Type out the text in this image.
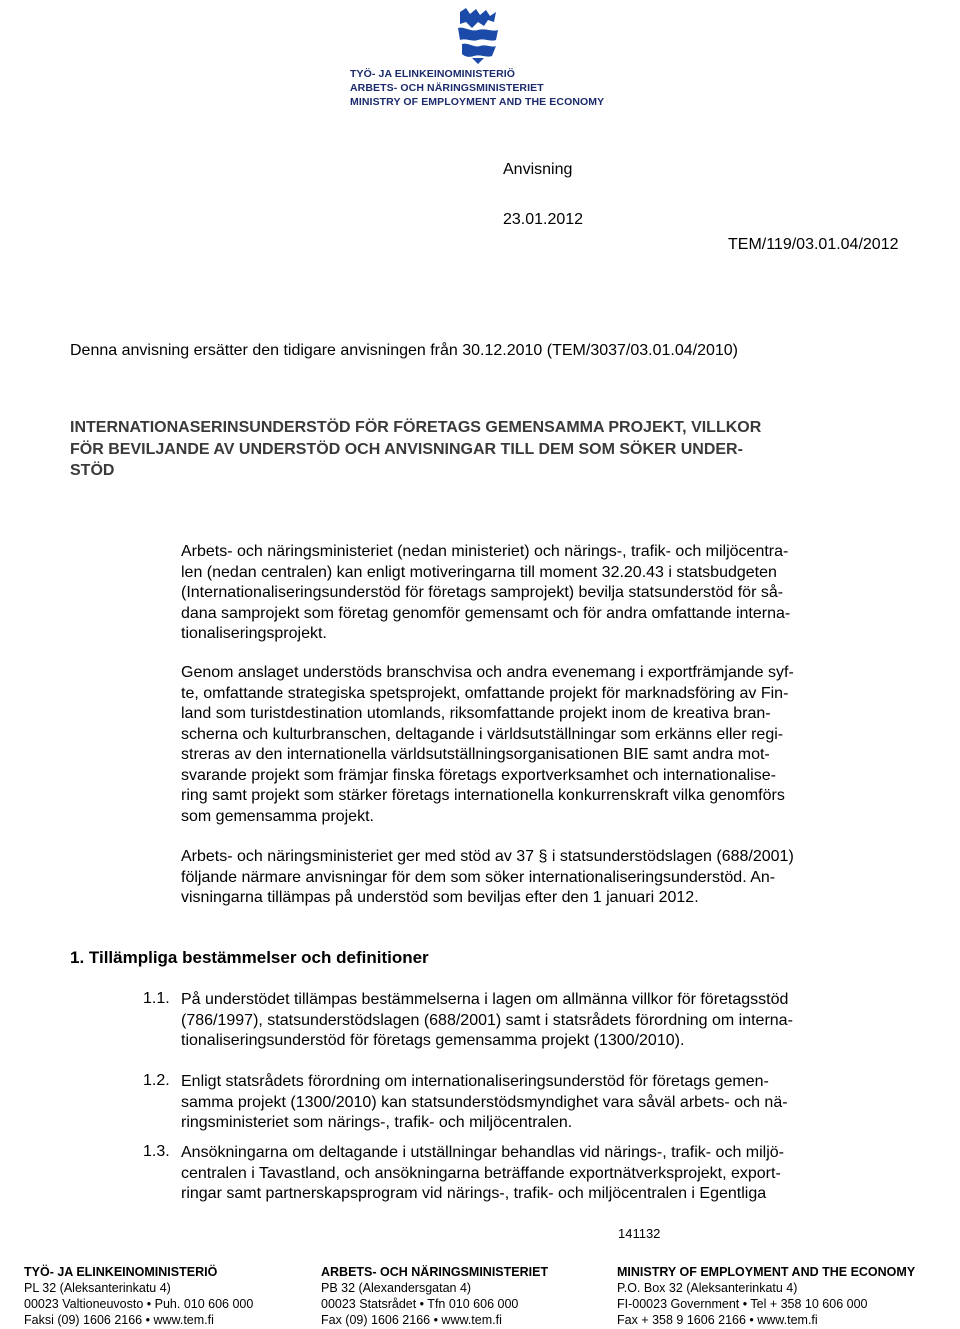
TYÖ- JA ELINKEINOMINISTERIÖ
ARBETS- OCH NÄRINGSMINISTERIET
MINISTRY OF EMPLOYMENT AND THE ECONOMY
Anvisning
23.01.2012
TEM/119/03.01.04/2012
Denna anvisning ersätter den tidigare anvisningen från 30.12.2010 (TEM/3037/03.01.04/2010)
INTERNATIONASERINSUNDERSTÖD FÖR FÖRETAGS GEMENSAMMA PROJEKT, VILLKOR
FÖR BEVILJANDE AV UNDERSTÖD OCH ANVISNINGAR TILL DEM SOM SÖKER UNDER-
STÖD
Arbets- och näringsministeriet (nedan ministeriet) och närings-, trafik- och miljöcentra-
len (nedan centralen) kan enligt motiveringarna till moment 32.20.43 i statsbudgeten
(Internationaliseringsunderstöd för företags samprojekt) bevilja statsunderstöd för så-
dana samprojekt som företag genomför gemensamt och för andra omfattande interna-
tionaliseringsprojekt.
Genom anslaget understöds branschvisa och andra evenemang i exportfrämjande syf-
te, omfattande strategiska spetsprojekt, omfattande projekt för marknadsföring av Fin-
land som turistdestination utomlands, riksomfattande projekt inom de kreativa bran-
scherna och kulturbranschen, deltagande i världsutställningar som erkänns eller regi-
streras av den internationella världsutställningsorganisationen BIE samt andra mot-
svarande projekt som främjar finska företags exportverksamhet och internationalise-
ring samt projekt som stärker företags internationella konkurrenskraft vilka genomförs
som gemensamma projekt.
Arbets- och näringsministeriet ger med stöd av 37 § i statsunderstödslagen (688/2001)
följande närmare anvisningar för dem som söker internationaliseringsunderstöd. An-
visningarna tillämpas på understöd som beviljas efter den 1 januari 2012.
1. Tillämpliga bestämmelser och definitioner
1.1. På understödet tillämpas bestämmelserna i lagen om allmänna villkor för företagsstöd
(786/1997), statsunderstödslagen (688/2001) samt i statsrådets förordning om interna-
tionaliseringsunderstöd för företags gemensamma projekt (1300/2010).
1.2. Enligt statsrådets förordning om internationaliseringsunderstöd för företags gemen-
samma projekt (1300/2010) kan statsunderstödsmyndighet vara såväl arbets- och nä-
ringsministeriet som närings-, trafik- och miljöcentralen.
1.3. Ansökningarna om deltagande i utställningar behandlas vid närings-, trafik- och miljö-
centralen i Tavastland, och ansökningarna beträffande exportnätverksprojekt, export-
ringar samt partnerskapsprogram vid närings-, trafik- och miljöcentralen i Egentliga
141132
TYÖ- JA ELINKEINOMINISTERIÖ
PL 32 (Aleksanterinkatu 4)
00023 Valtioneuvosto • Puh. 010 606 000
Faksi (09) 1606 2166 • www.tem.fi
ARBETS- OCH NÄRINGSMINISTERIET
PB 32 (Alexandersgatan 4)
00023 Statsrådet • Tfn 010 606 000
Fax (09) 1606 2166 • www.tem.fi
MINISTRY OF EMPLOYMENT AND THE ECONOMY
P.O. Box 32 (Aleksanterinkatu 4)
FI-00023 Government • Tel + 358 10 606 000
Fax + 358 9 1606 2166 • www.tem.fi
